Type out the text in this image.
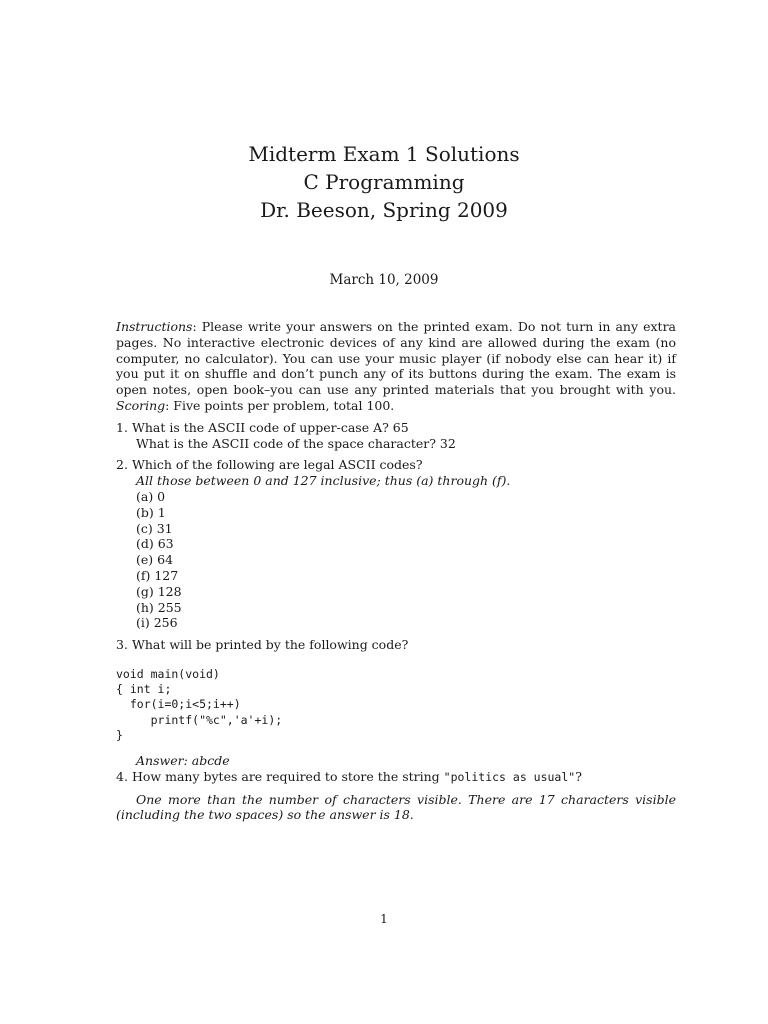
Midterm Exam 1 Solutions
C Programming
Dr. Beeson, Spring 2009
March 10, 2009

Instructions: Please write your answers on the printed exam. Do not turn in any extra pages. No interactive electronic devices of any kind are allowed during the exam (no computer, no calculator). You can use your music player (if nobody else can hear it) if you put it on shuffle and don’t punch any of its buttons during the exam. The exam is open notes, open book–you can use any printed materials that you brought with you. Scoring: Five points per problem, total 100.

1. What is the ASCII code of upper-case A? 65
What is the ASCII code of the space character? 32
2. Which of the following are legal ASCII codes?
All those between 0 and 127 inclusive; thus (a) through (f).
(a) 0
(b) 1
(c) 31
(d) 63
(e) 64
(f) 127
(g) 128
(h) 255
(i) 256
3. What will be printed by the following code?
void main(void)
{ int i;
for(i=0;i<5;i++)
printf("%c",'a'+i);
}
Answer: abcde
4. How many bytes are required to store the string "politics as usual"?
One more than the number of characters visible. There are 17 characters visible (including the two spaces) so the answer is 18.
1
